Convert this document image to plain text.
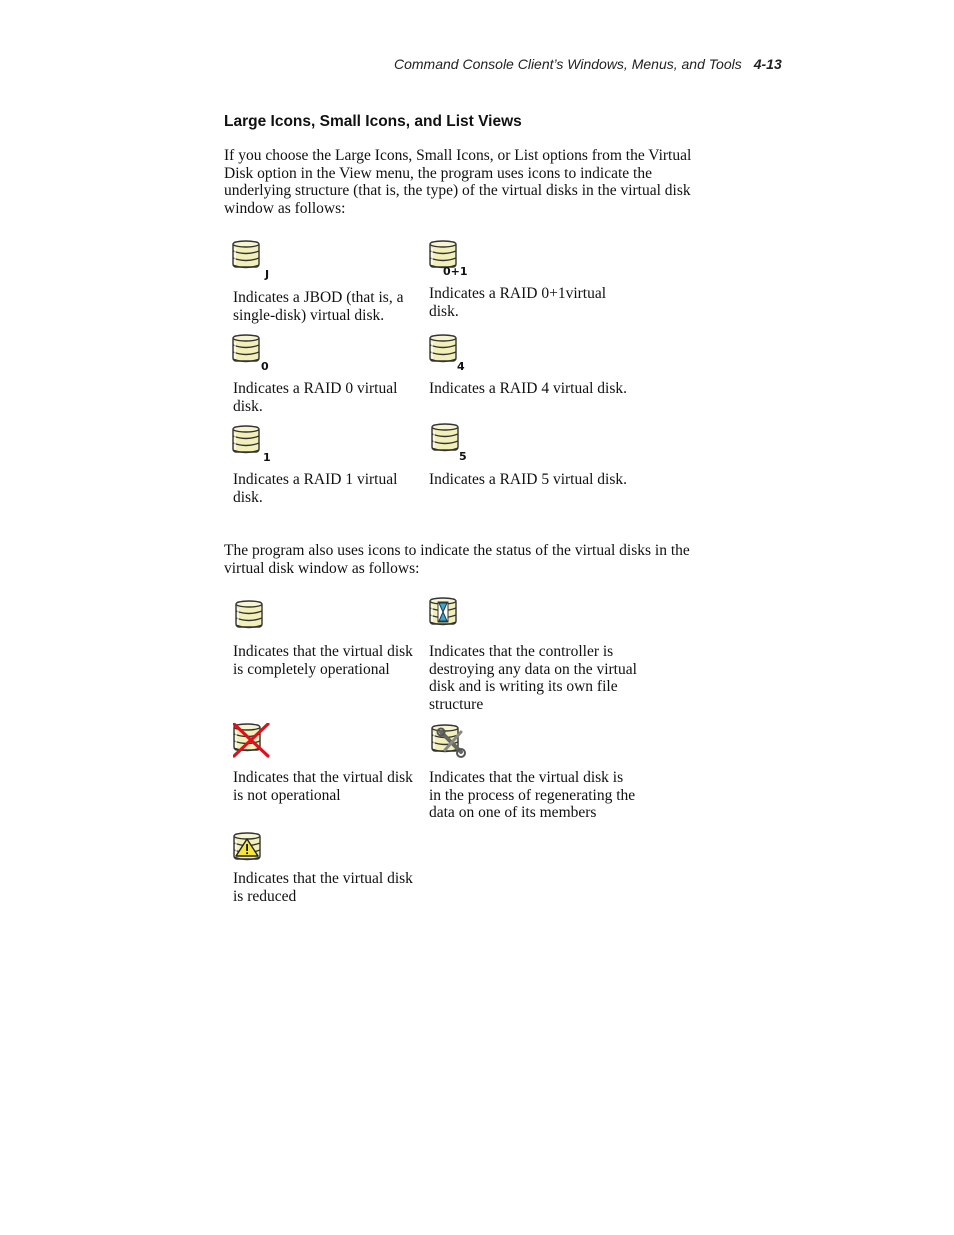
Command Console Client’s Windows, Menus, and Tools 4-13
Large Icons, Small Icons, and List Views
If you choose the Large Icons, Small Icons, or List options from the Virtual Disk option in the View menu, the program uses icons to indicate the underlying structure (that is, the type) of the virtual disks in the virtual disk window as follows:
J
Indicates a JBOD (that is, a single-disk) virtual disk.
0+1
Indicates a RAID 0+1virtual disk.
0
Indicates a RAID 0 virtual disk.
4
Indicates a RAID 4 virtual disk.
1
Indicates a RAID 1 virtual disk.
5
Indicates a RAID 5 virtual disk.
The program also uses icons to indicate the status of the virtual disks in the virtual disk window as follows:
Indicates that the virtual disk is completely operational
Indicates that the controller is destroying any data on the virtual disk and is writing its own file structure
Indicates that the virtual disk is not operational
Indicates that the virtual disk is in the process of regenerating the data on one of its members
Indicates that the virtual disk is reduced
